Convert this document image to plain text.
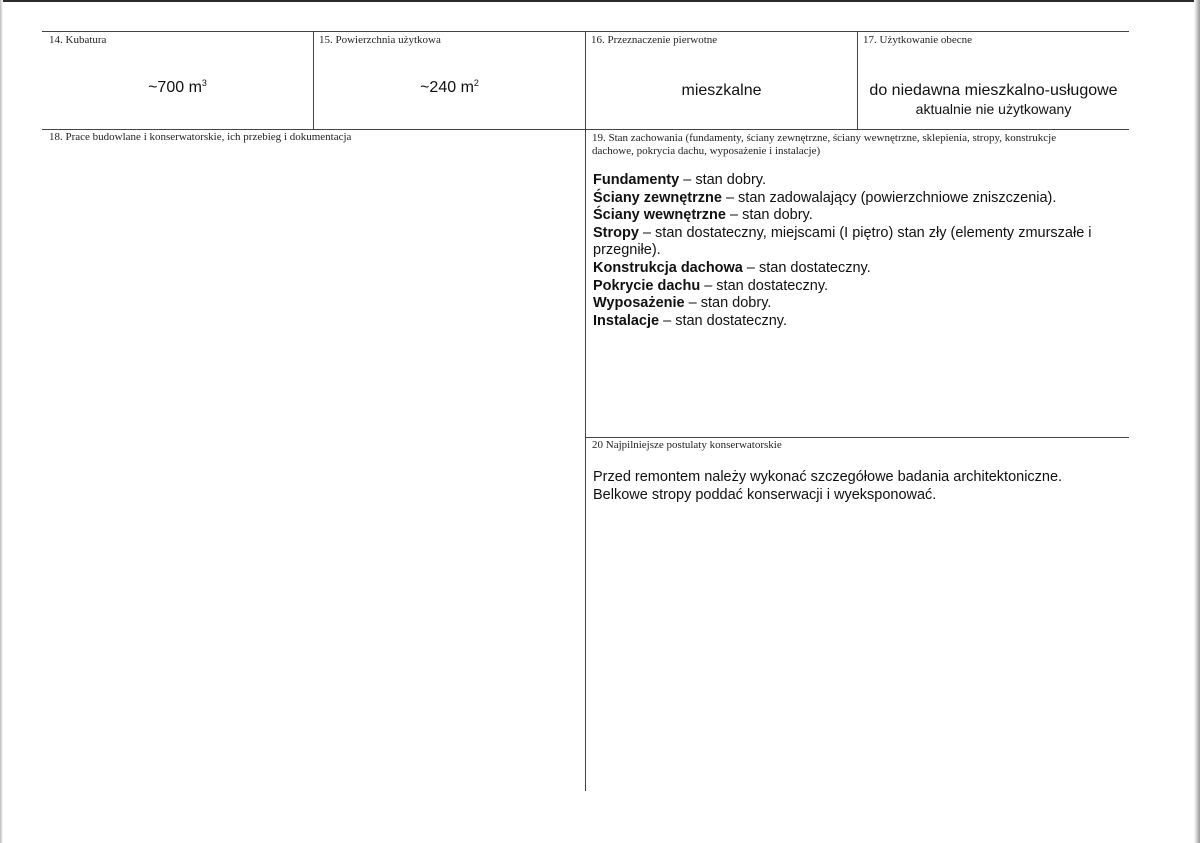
14. Kubatura
~700 $m^3$
15. Powierzchnia użytkowa
~240 $m^2$
16. Przeznaczenie pierwotne
mieszkalne
17. Użytkowanie obecne
do niedawna mieszkalno-usługowe
aktualnie nie użytkowany
18. Prace budowlane i konserwatorskie, ich przebieg i dokumentacja	19. Stan zachowania (fundamenty, ściany zewnętrzne, ściany wewnętrzne, sklepienia, stropy, konstrukcje dachowe, pokrycia dachu, wyposażenie i instalacje)
Fundamenty – stan dobry.
Ściany zewnętrzne – stan zadowalający (powierzchniowe zniszczenia).
Ściany wewnętrzne – stan dobry.
Stropy – stan dostateczny, miejscami (I piętro) stan zły (elementy zmurszałe i przegniłe).
Konstrukcja dachowa – stan dostateczny.
Pokrycie dachu – stan dostateczny.
Wyposażenie – stan dobry.
Instalacje – stan dostateczny.
20 Najpilniejsze postulaty konserwatorskie

Przed remontem należy wykonać szczegółowe badania architektoniczne.

Belkowe stropy poddać konserwacji i wyeksponować.
